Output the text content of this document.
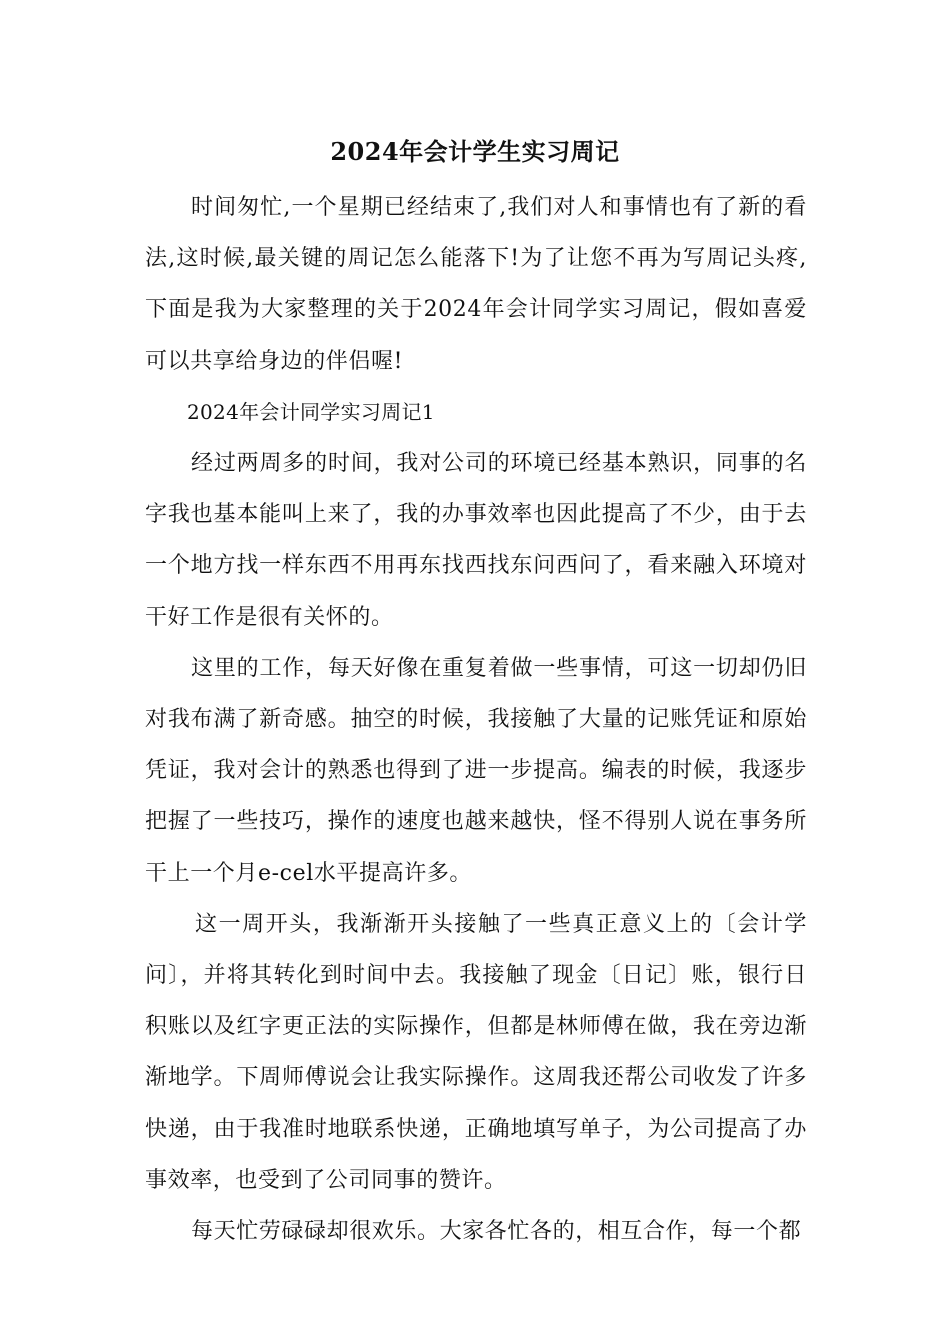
2024年会计学生实习周记

时间匆忙,一个星期已经结束了,我们对人和事情也有了新的看法,这时候,最关键的周记怎么能落下!为了让您不再为写周记头疼,下面是我为大家整理的关于2024年会计同学实习周记，假如喜爱可以共享给身边的伴侣喔!

2024年会计同学实习周记1

经过两周多的时间，我对公司的环境已经基本熟识，同事的名字我也基本能叫上来了，我的办事效率也因此提高了不少，由于去一个地方找一样东西不用再东找西找东问西问了，看来融入环境对干好工作是很有关怀的。

这里的工作，每天好像在重复着做一些事情，可这一切却仍旧对我布满了新奇感。抽空的时候，我接触了大量的记账凭证和原始凭证，我对会计的熟悉也得到了进一步提高。编表的时候，我逐步把握了一些技巧，操作的速度也越来越快，怪不得别人说在事务所干上一个月e-cel水平提高许多。

这一周开头，我渐渐开头接触了一些真正意义上的〔会计学问〕，并将其转化到时间中去。我接触了现金〔日记〕账，银行日积账以及红字更正法的实际操作，但都是林师傅在做，我在旁边渐渐地学。下周师傅说会让我实际操作。这周我还帮公司收发了许多快递，由于我准时地联系快递，正确地填写单子，为公司提高了办事效率，也受到了公司同事的赞许。

每天忙劳碌碌却很欢乐。大家各忙各的，相互合作，每一个都
